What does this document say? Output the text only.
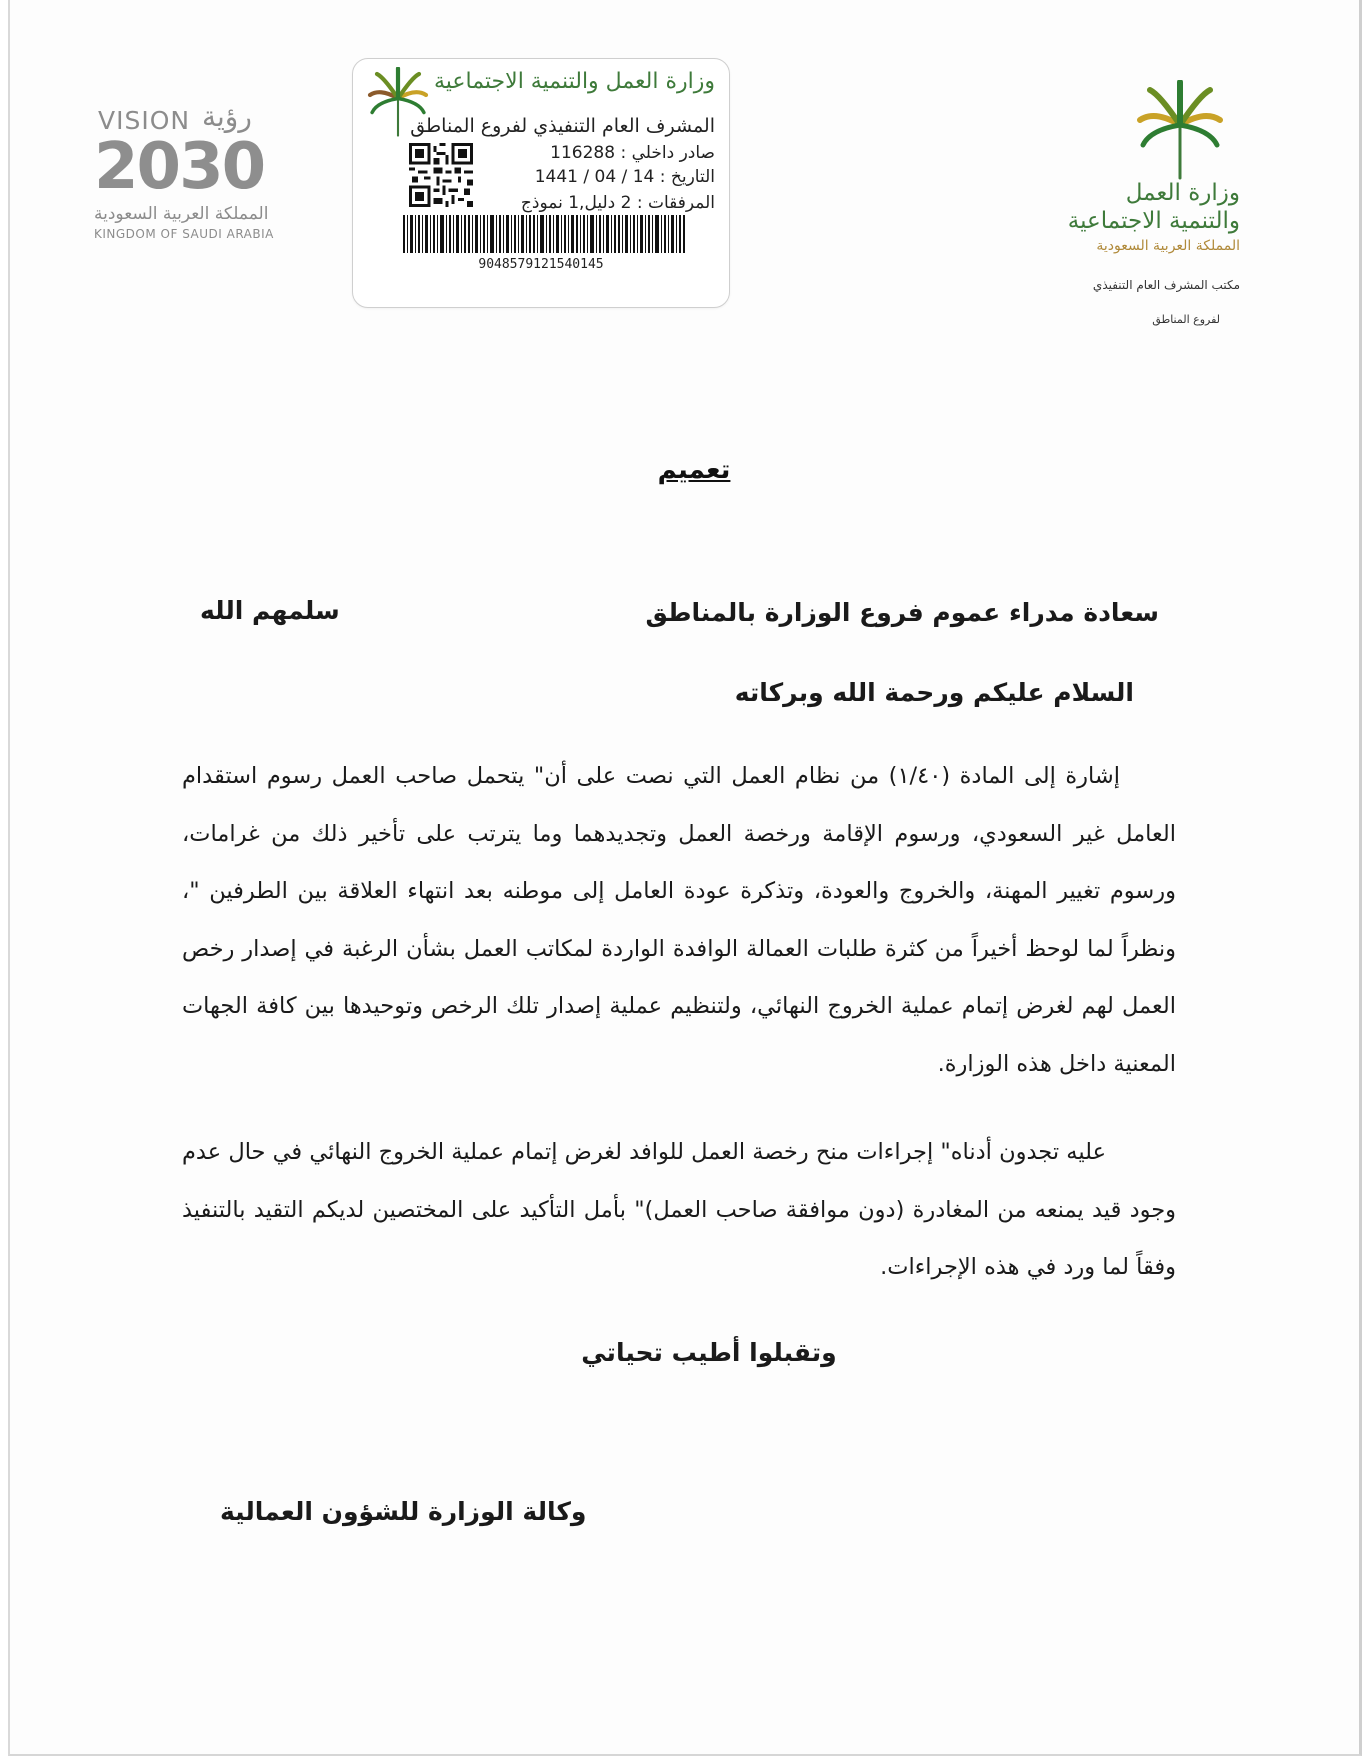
وزارة العمل
والتنمية الاجتماعية
المملكة العربية السعودية
مكتب المشرف العام التنفيذي
لفروع المناطق
وزارة العمل والتنمية الاجتماعية
المشرف العام التنفيذي لفروع المناطق
صادر داخلي : 116288
التاريخ : 14 / 04 / 1441
المرفقات : 2 دليل,1 نموذج
9048579121540145
VISION رؤية
2030
المملكة العربية السعودية
KINGDOM OF SAUDI ARABIA
تعميم
سعادة مدراء عموم فروع الوزارة بالمناطق
سلمهم الله
السلام عليكم ورحمة الله وبركاته
إشارة إلى المادة (١/٤٠) من نظام العمل التي نصت على أن" يتحمل صاحب العمل رسوم استقدام العامل غير السعودي، ورسوم الإقامة ورخصة العمل وتجديدهما وما يترتب على تأخير ذلك من غرامات، ورسوم تغيير المهنة، والخروج والعودة، وتذكرة عودة العامل إلى موطنه بعد انتهاء العلاقة بين الطرفين "، ونظراً لما لوحظ أخيراً من كثرة طلبات العمالة الوافدة الواردة لمكاتب العمل بشأن الرغبة في إصدار رخص العمل لهم لغرض إتمام عملية الخروج النهائي، ولتنظيم عملية إصدار تلك الرخص وتوحيدها بين كافة الجهات المعنية داخل هذه الوزارة.
عليه تجدون أدناه" إجراءات منح رخصة العمل للوافد لغرض إتمام عملية الخروج النهائي في حال عدم وجود قيد يمنعه من المغادرة (دون موافقة صاحب العمل)" بأمل التأكيد على المختصين لديكم التقيد بالتنفيذ وفقاً لما ورد في هذه الإجراءات.
وتقبلوا أطيب تحياتي
وكالة الوزارة للشؤون العمالية
